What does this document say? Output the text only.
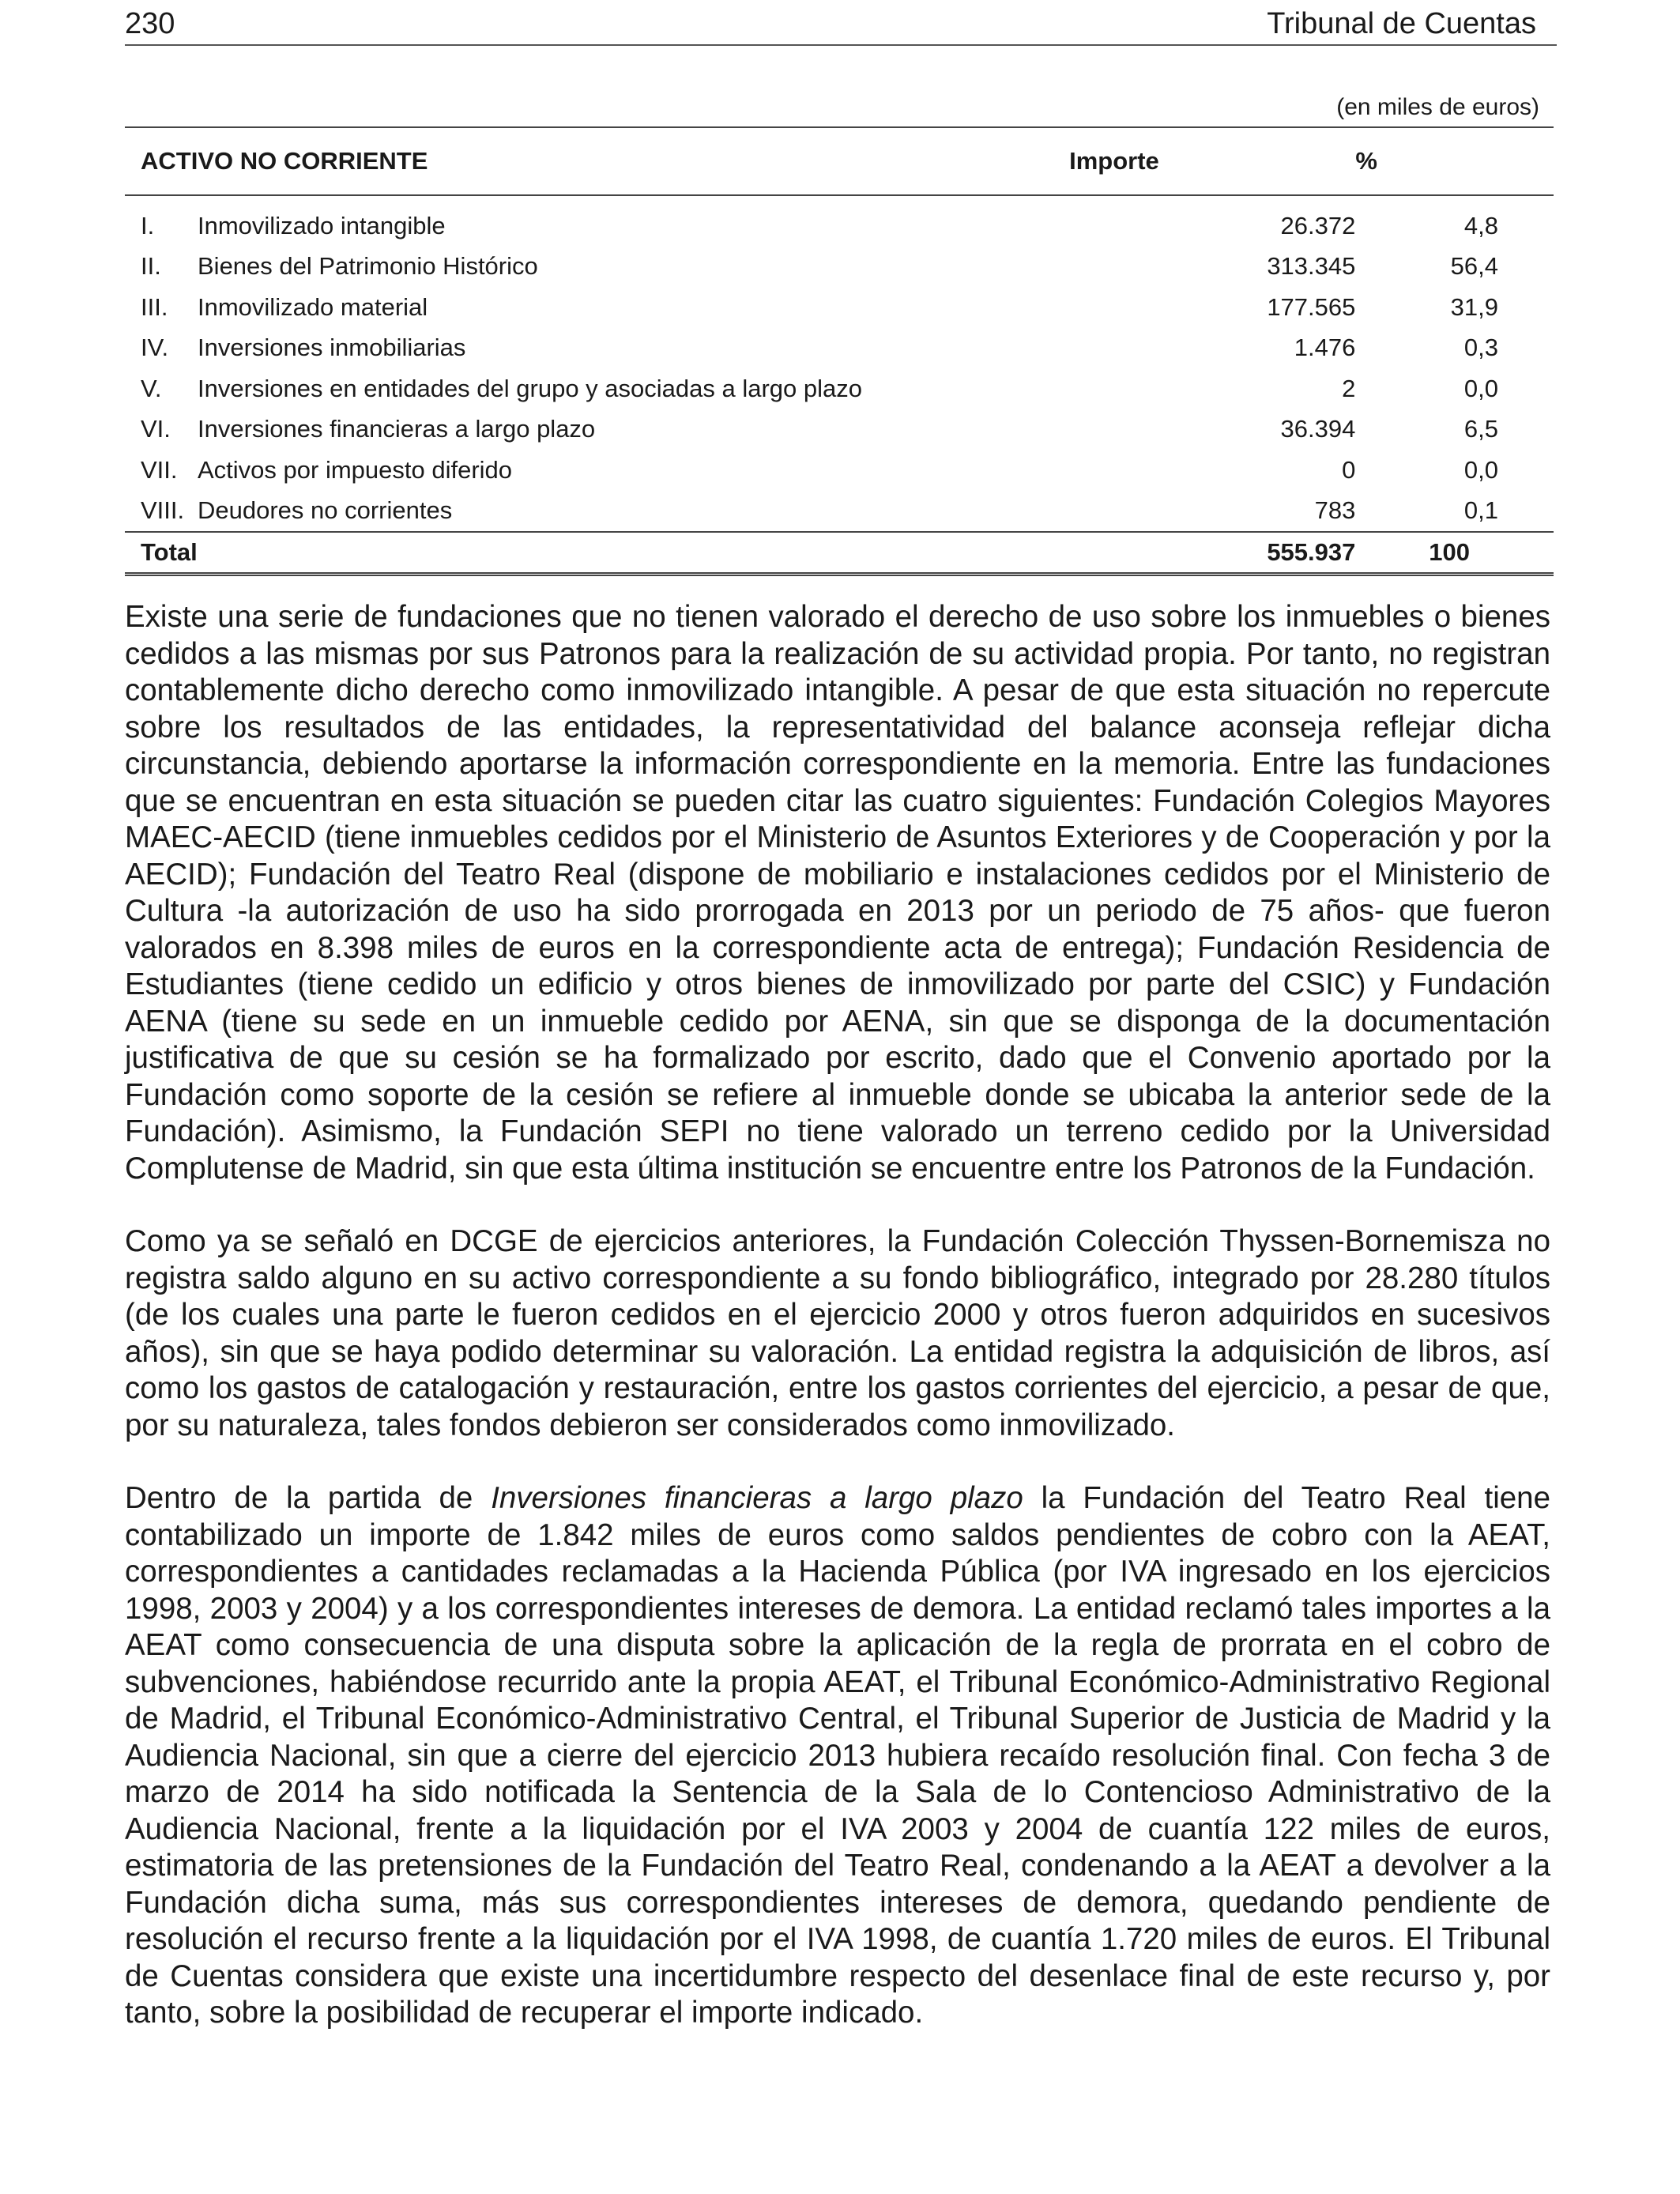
230	Tribunal de Cuentas
(en miles de euros)
ACTIVO NO CORRIENTE	Importe	%
I. Inmovilizado intangible	26.372	4,8
II. Bienes del Patrimonio Histórico	313.345	56,4
III. Inmovilizado material	177.565	31,9
IV. Inversiones inmobiliarias	1.476	0,3
V. Inversiones en entidades del grupo y asociadas a largo plazo	2	0,0
VI. Inversiones financieras a largo plazo	36.394	6,5
VII. Activos por impuesto diferido	0	0,0
VIII. Deudores no corrientes	783	0,1
Total	555.937	100

Existe una serie de fundaciones que no tienen valorado el derecho de uso sobre los inmuebles o bienes cedidos a las mismas por sus Patronos para la realización de su actividad propia. Por tanto, no registran contablemente dicho derecho como inmovilizado intangible. A pesar de que esta situación no repercute sobre los resultados de las entidades, la representatividad del balance aconseja reflejar dicha circunstancia, debiendo aportarse la información correspondiente en la memoria. Entre las fundaciones que se encuentran en esta situación se pueden citar las cuatro siguientes: Fundación Colegios Mayores MAEC-AECID (tiene inmuebles cedidos por el Ministerio de Asuntos Exteriores y de Cooperación y por la AECID); Fundación del Teatro Real (dispone de mobiliario e instalaciones cedidos por el Ministerio de Cultura -la autorización de uso ha sido prorrogada en 2013 por un periodo de 75 años- que fueron valorados en 8.398 miles de euros en la correspondiente acta de entrega); Fundación Residencia de Estudiantes (tiene cedido un edificio y otros bienes de inmovilizado por parte del CSIC) y Fundación AENA (tiene su sede en un inmueble cedido por AENA, sin que se disponga de la documentación justificativa de que su cesión se ha formalizado por escrito, dado que el Convenio aportado por la Fundación como soporte de la cesión se refiere al inmueble donde se ubicaba la anterior sede de la Fundación). Asimismo, la Fundación SEPI no tiene valorado un terreno cedido por la Universidad Complutense de Madrid, sin que esta última institución se encuentre entre los Patronos de la Fundación.

Como ya se señaló en DCGE de ejercicios anteriores, la Fundación Colección Thyssen-Bornemisza no registra saldo alguno en su activo correspondiente a su fondo bibliográfico, integrado por 28.280 títulos (de los cuales una parte le fueron cedidos en el ejercicio 2000 y otros fueron adquiridos en sucesivos años), sin que se haya podido determinar su valoración. La entidad registra la adquisición de libros, así como los gastos de catalogación y restauración, entre los gastos corrientes del ejercicio, a pesar de que, por su naturaleza, tales fondos debieron ser considerados como inmovilizado.

Dentro de la partida de Inversiones financieras a largo plazo la Fundación del Teatro Real tiene contabilizado un importe de 1.842 miles de euros como saldos pendientes de cobro con la AEAT, correspondientes a cantidades reclamadas a la Hacienda Pública (por IVA ingresado en los ejercicios 1998, 2003 y 2004) y a los correspondientes intereses de demora. La entidad reclamó tales importes a la AEAT como consecuencia de una disputa sobre la aplicación de la regla de prorrata en el cobro de subvenciones, habiéndose recurrido ante la propia AEAT, el Tribunal Económico-Administrativo Regional de Madrid, el Tribunal Económico-Administrativo Central, el Tribunal Superior de Justicia de Madrid y la Audiencia Nacional, sin que a cierre del ejercicio 2013 hubiera recaído resolución final. Con fecha 3 de marzo de 2014 ha sido notificada la Sentencia de la Sala de lo Contencioso Administrativo de la Audiencia Nacional, frente a la liquidación por el IVA 2003 y 2004 de cuantía 122 miles de euros, estimatoria de las pretensiones de la Fundación del Teatro Real, condenando a la AEAT a devolver a la Fundación dicha suma, más sus correspondientes intereses de demora, quedando pendiente de resolución el recurso frente a la liquidación por el IVA 1998, de cuantía 1.720 miles de euros. El Tribunal de Cuentas considera que existe una incertidumbre respecto del desenlace final de este recurso y, por tanto, sobre la posibilidad de recuperar el importe indicado.
